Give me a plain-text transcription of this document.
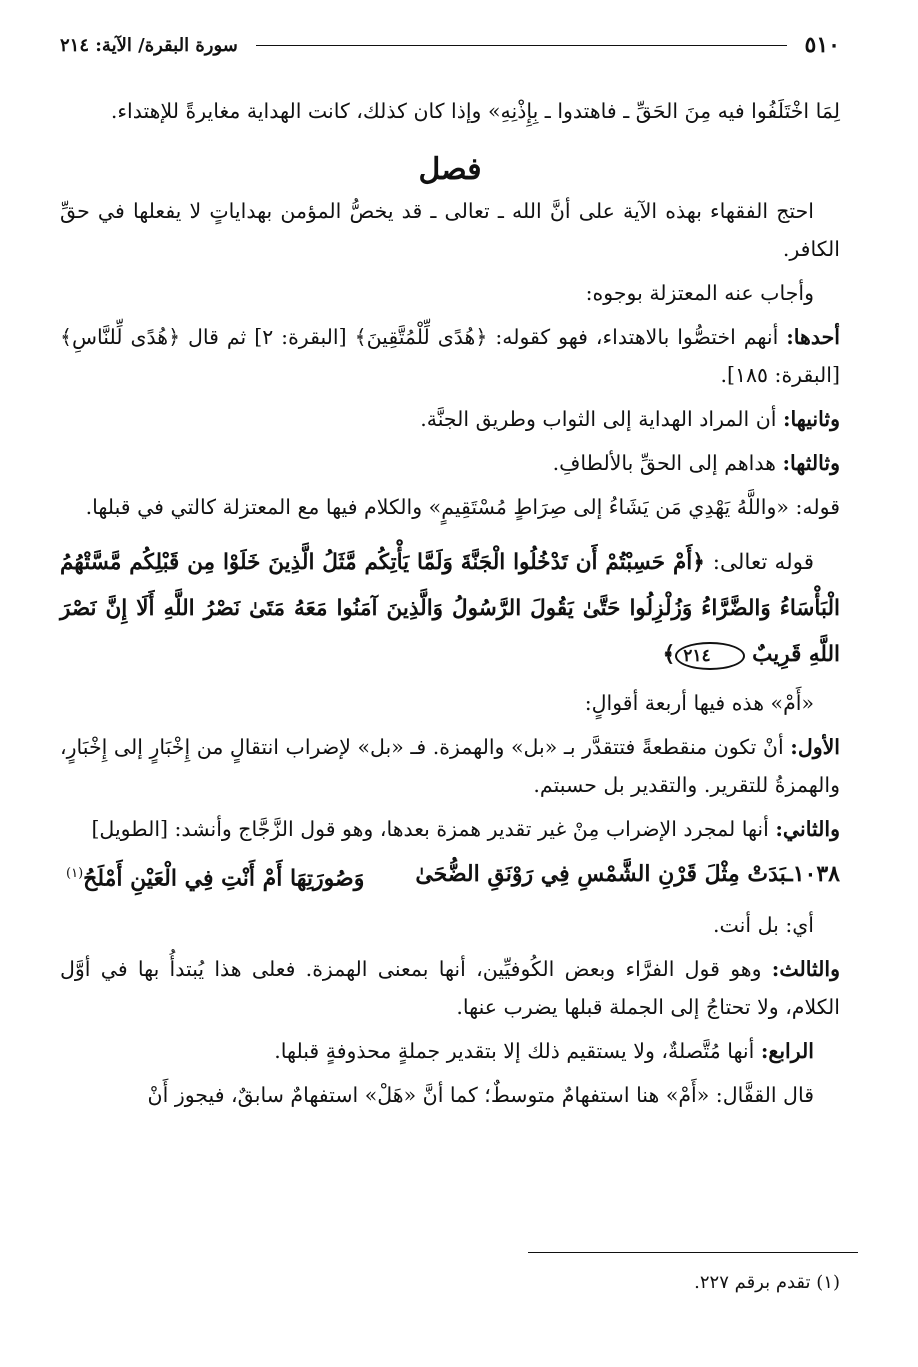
٥١٠
سورة البقرة/ الآية: ٢١٤

لِمَا اخْتَلَفُوا فيه مِنَ الحَقِّ ـ فاهتدوا ـ بِإِذْنِهِ» وإذا كان كذلك، كانت الهداية مغايرةً للإهتداء.

فصل

احتج الفقهاء بهذه الآية على أنَّ الله ـ تعالى ـ قد يخصُّ المؤمن بهداياتٍ لا يفعلها في حقِّ الكافر.

وأجاب عنه المعتزلة بوجوه:

أحدها: أنهم اختصُّوا بالاهتداء، فهو كقوله: ﴿هُدًى لِّلْمُتَّقِينَ﴾ [البقرة: ٢] ثم قال ﴿هُدًى لِّلنَّاسِ﴾ [البقرة: ١٨٥].

وثانيها: أن المراد الهداية إلى الثواب وطريق الجنَّة.

وثالثها: هداهم إلى الحقِّ بالألطافِ.

قوله: «واللَّهُ يَهْدِي مَن يَشَاءُ إلى صِرَاطٍ مُسْتَقِيمٍ» والكلام فيها مع المعتزلة كالتي في قبلها.

قوله تعالى: ﴿أَمْ حَسِبْتُمْ أَن تَدْخُلُوا الْجَنَّةَ وَلَمَّا يَأْتِكُم مَّثَلُ الَّذِينَ خَلَوْا مِن قَبْلِكُم مَّسَّتْهُمُ الْبَأْسَاءُ وَالضَّرَّاءُ وَزُلْزِلُوا حَتَّىٰ يَقُولَ الرَّسُولُ وَالَّذِينَ آمَنُوا مَعَهُ مَتَىٰ نَصْرُ اللَّهِ أَلَا إِنَّ نَصْرَ اللَّهِ قَرِيبٌ ٢١٤﴾

«أَمْ» هذه فيها أربعة أقوالٍ:

الأول: أنْ تكون منقطعةً فتتقدَّر بـ «بل» والهمزة. فـ «بل» لإضراب انتقالٍ من إِخْبَارٍ إلى إِخْبَارٍ، والهمزةُ للتقرير. والتقدير بل حسبتم.

والثاني: أنها لمجرد الإضراب مِنْ غير تقدير همزة بعدها، وهو قول الزَّجَّاج وأنشد: [الطويل]

١٠٣٨ـبَدَتْ مِثْلَ قَرْنِ الشَّمْسِ فِي رَوْنَقِ الضُّحَىٰ
وَصُورَتِهَا أَمْ أَنْتِ فِي الْعَيْنِ أَمْلَحُ$^{(١)}$

أي: بل أنت.

والثالث: وهو قول الفرَّاء وبعض الكُوفيِّين، أنها بمعنى الهمزة. فعلى هذا يُبتدأُ بها في أوَّل الكلام، ولا تحتاجُ إلى الجملة قبلها يضرب عنها.

الرابع: أنها مُتَّصلةٌ، ولا يستقيم ذلك إلا بتقدير جملةٍ محذوفةٍ قبلها.

قال القفَّال: «أَمْ» هنا استفهامٌ متوسطٌ؛ كما أنَّ «هَلْ» استفهامٌ سابقٌ، فيجوز أَنْ

(١) تقدم برقم ٢٢٧.
